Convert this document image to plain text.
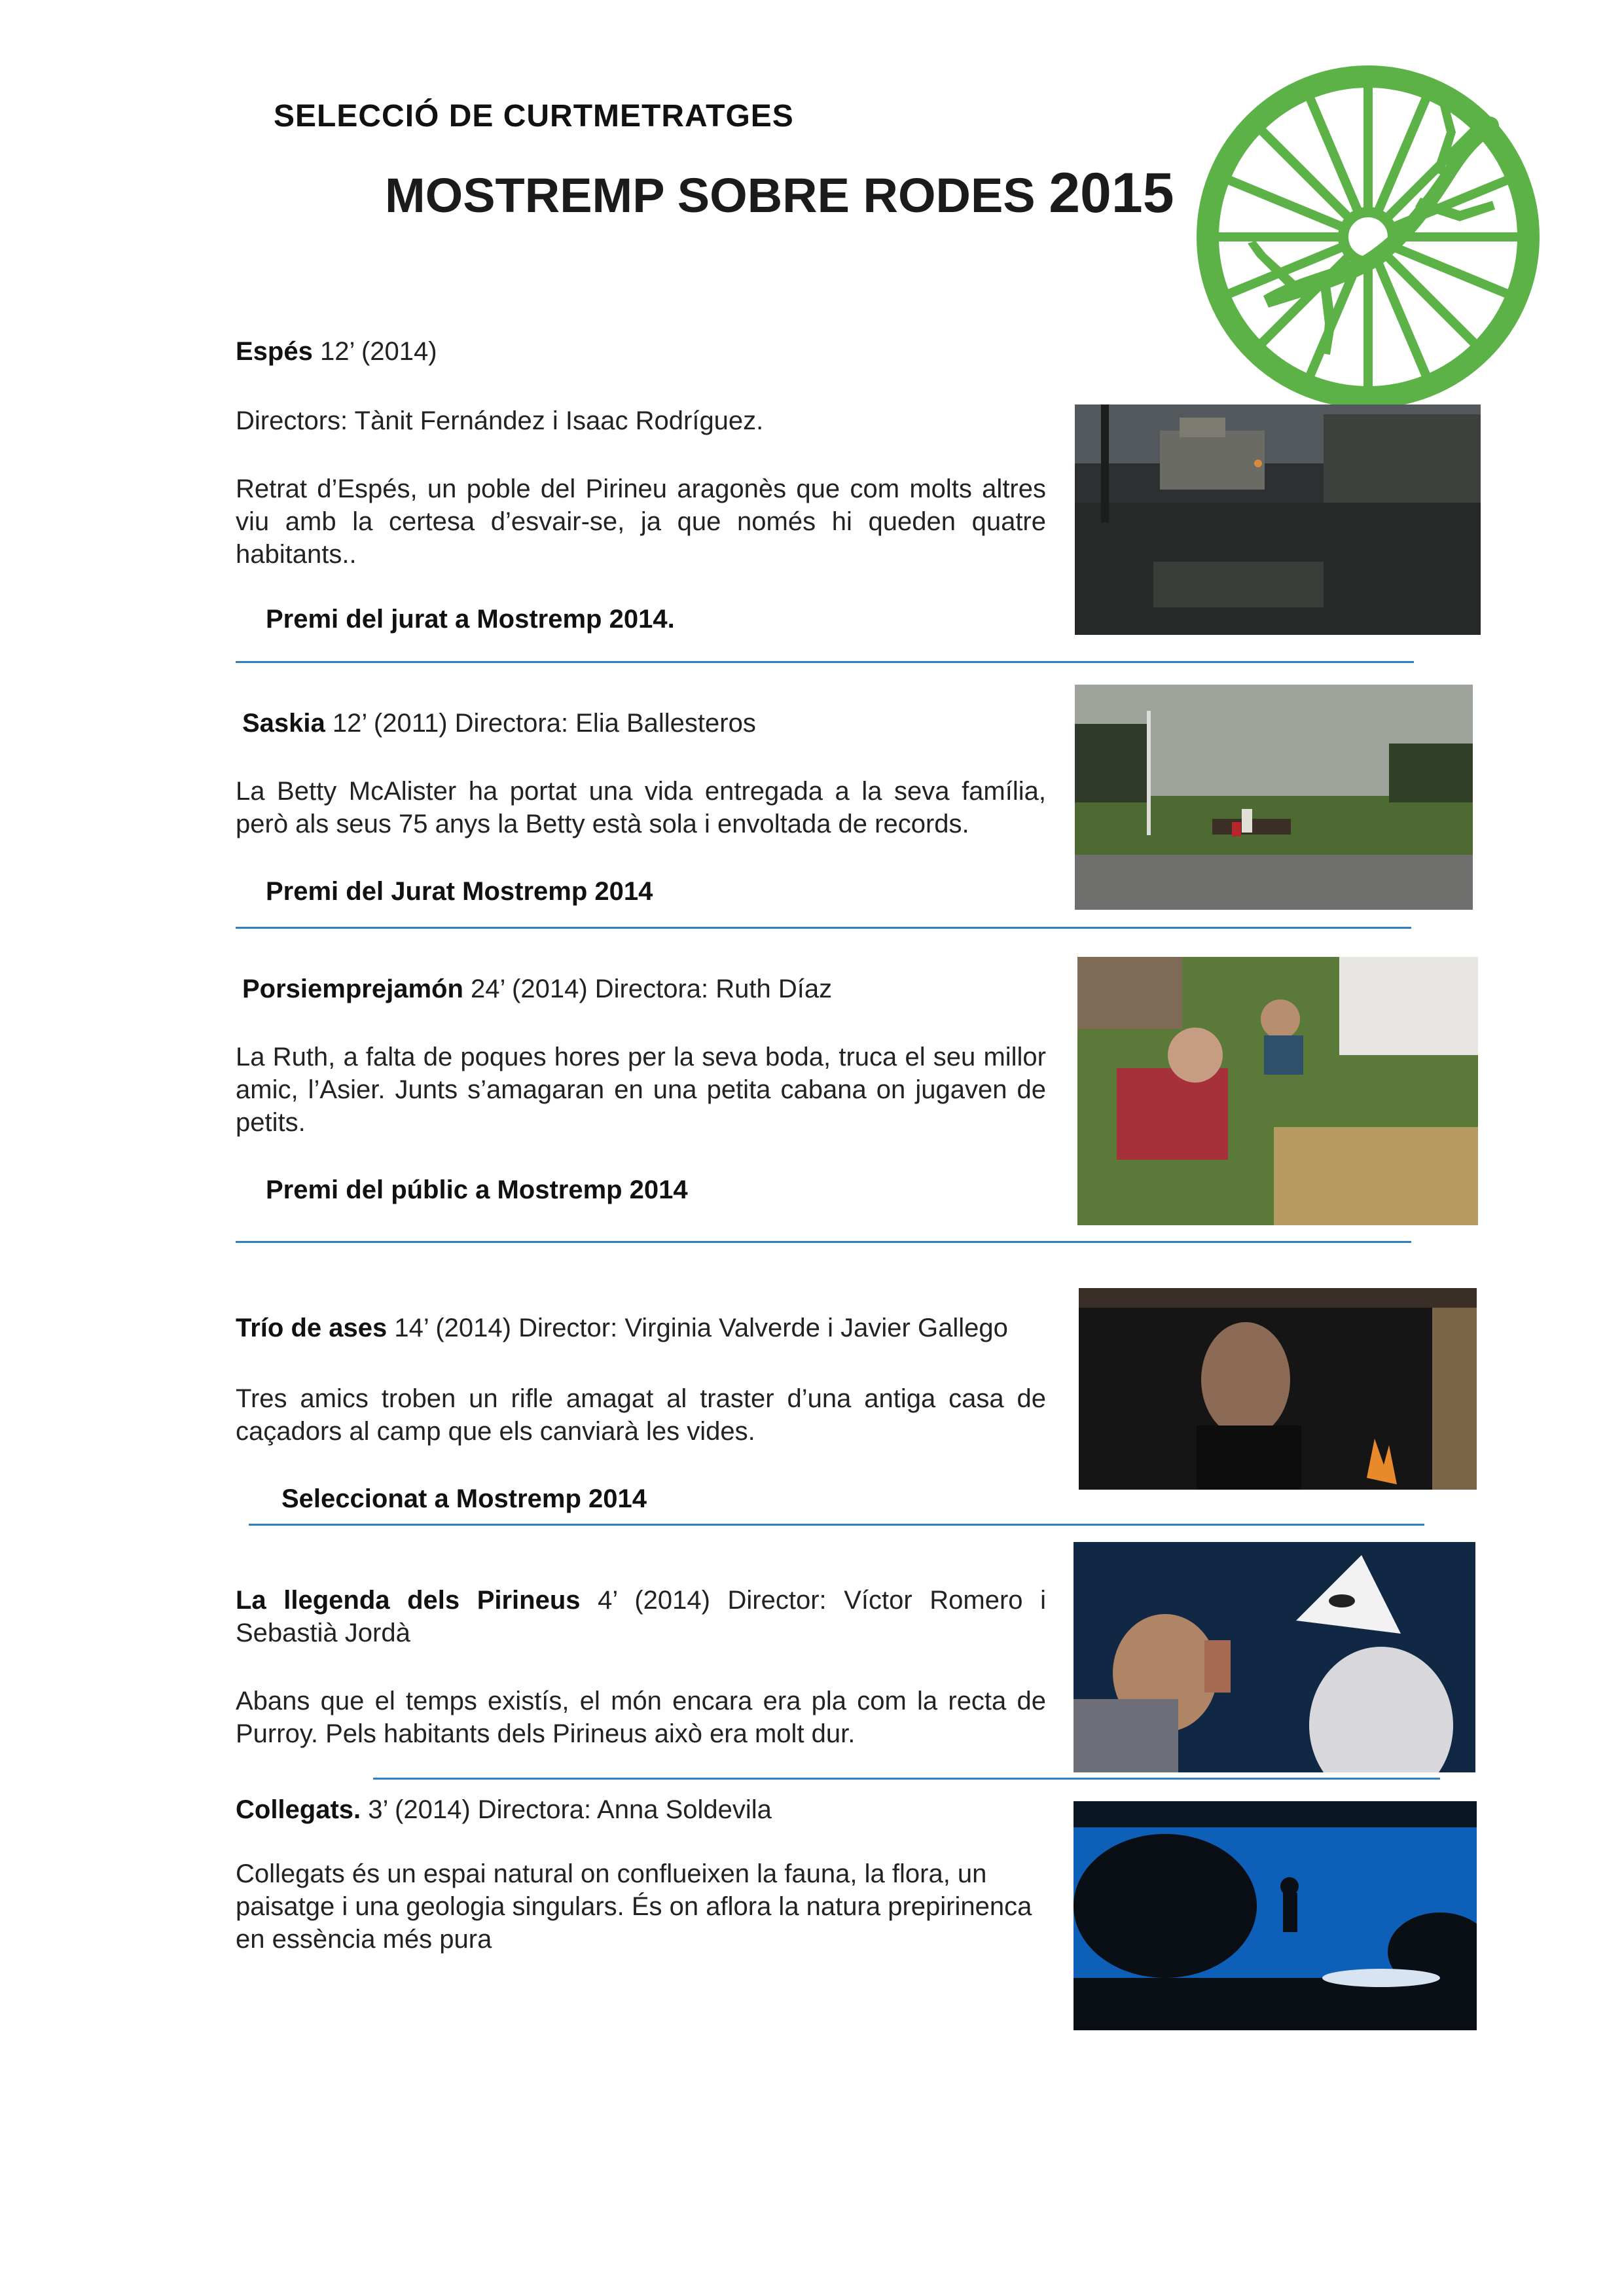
SELECCIÓ DE CURTMETRATGES
MOSTREMP SOBRE RODES 2015
Espés 12’ (2014)
Directors: Tànit Fernández i Isaac Rodríguez.
Retrat d’Espés, un poble del Pirineu aragonès que com molts altres viu amb la certesa d’esvair-se, ja que només hi queden quatre habitants..
Premi del jurat a Mostremp 2014.
Saskia 12’ (2011) Directora: Elia Ballesteros
La Betty McAlister ha portat una vida entregada a la seva família, però als seus 75 anys la Betty està sola i envoltada de records.
Premi del Jurat Mostremp 2014
Porsiempreјamón 24’ (2014) Directora: Ruth Díaz
La Ruth, a falta de poques hores per la seva boda, truca el seu millor amic, l’Asier. Junts s’amagaran en una petita cabana on jugaven de petits.
Premi del públic a Mostremp 2014
Trío de ases 14’ (2014) Director: Virginia Valverde i Javier Gallego
Tres amics troben un rifle amagat al traster d’una antiga casa de caçadors al camp que els canviarà les vides.
Seleccionat a Mostremp 2014
La llegenda dels Pirineus 4’ (2014) Director: Víctor Romero i Sebastià Jordà
Abans que el temps existís, el món encara era pla com la recta de Purroy. Pels habitants dels Pirineus això era molt dur.
Collegats. 3’ (2014) Directora: Anna Soldevila
Collegats és un espai natural on conflueixen la fauna, la flora, un paisatge i una geologia singulars. És on aflora la natura prepirinenca en essència més pura
